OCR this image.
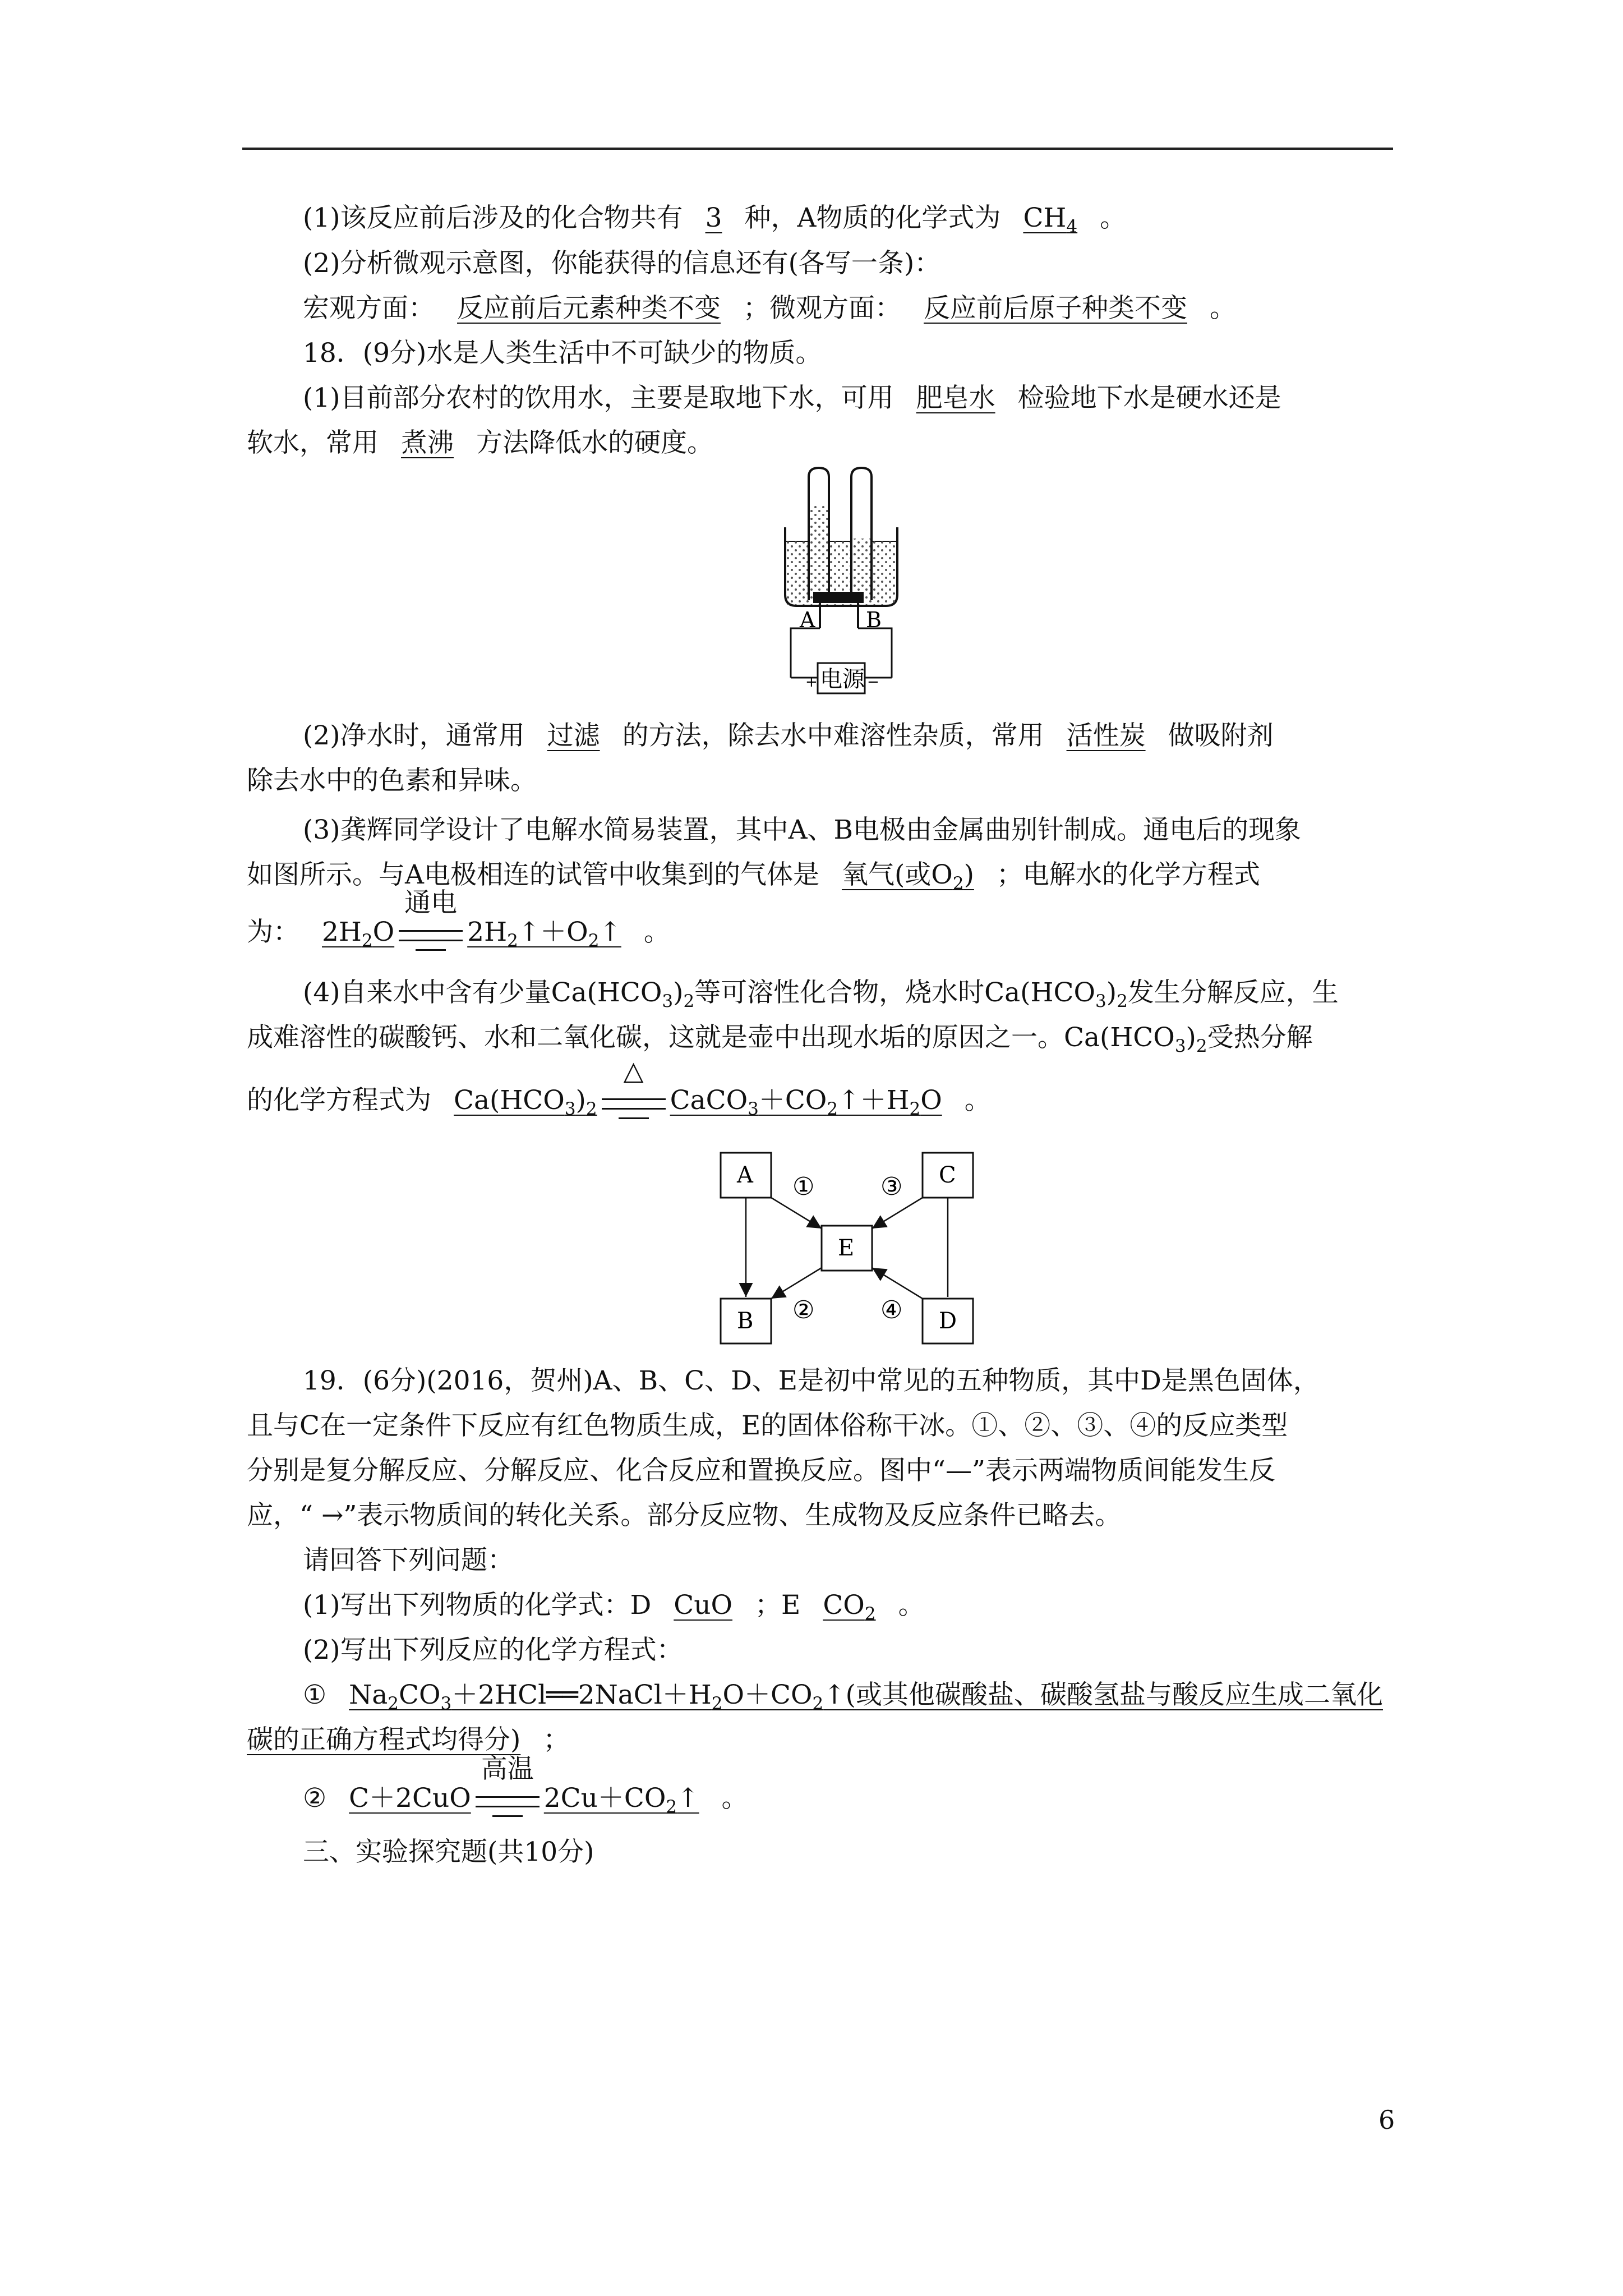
(1)该反应前后涉及的化合物共有 3 种，A物质的化学式为 $CH_4$ 。
(2)分析微观示意图，你能获得的信息还有(各写一条)：
宏观方面： 反应前后元素种类不变 ；微观方面： 反应前后原子种类不变 。
18．(9分)水是人类生活中不可缺少的物质。
(1)目前部分农村的饮用水，主要是取地下水，可用 肥皂水 检验地下水是硬水还是
软水，常用 煮沸 方法降低水的硬度。
A B
电源
+	−
(2)净水时，通常用 过滤 的方法，除去水中难溶性杂质，常用 活性炭 做吸附剂
除去水中的色素和异味。
(3)龚辉同学设计了电解水简易装置，其中A、B电极由金属曲别针制成。通电后的现象
如图所示。与A电极相连的试管中收集到的气体是 氧气(或$O_2$) ；电解水的化学方程式
为： $2H_2O$
通电
$2H_2↑+O_2↑$ 。
(4)自来水中含有少量$Ca(HCO_3)_2$等可溶性化合物，烧水时$Ca(HCO_3)_2$发生分解反应，生
成难溶性的碳酸钙、水和二氧化碳，这就是壶中出现水垢的原因之一。$Ca(HCO_3)_2$受热分解
的化学方程式为 $Ca(HCO_3)_2$
△
$CaCO_3+CO_2↑+H_2O$ 。
A
B
C
D
E
①
②
③
④
19．(6分)(2016，贺州)A、B、C、D、E是初中常见的五种物质，其中D是黑色固体，
且与C在一定条件下反应有红色物质生成，E的固体俗称干冰。①、②、③、④的反应类型
分别是复分解反应、分解反应、化合反应和置换反应。图中“—”表示两端物质间能发生反
应，“ →”表示物质间的转化关系。部分反应物、生成物及反应条件已略去。
请回答下列问题：
(1)写出下列物质的化学式：D CuO ；E $CO_2$ 。
(2)写出下列反应的化学方程式：
① $Na_2CO_3+2HCl══2NaCl+H_2O+CO_2↑$(或其他碳酸盐、碳酸氢盐与酸反应生成二氧化
碳的正确方程式均得分) ；
② C＋2CuO
高温
$2Cu+CO_2↑$ 。
三、实验探究题(共10分)
6
